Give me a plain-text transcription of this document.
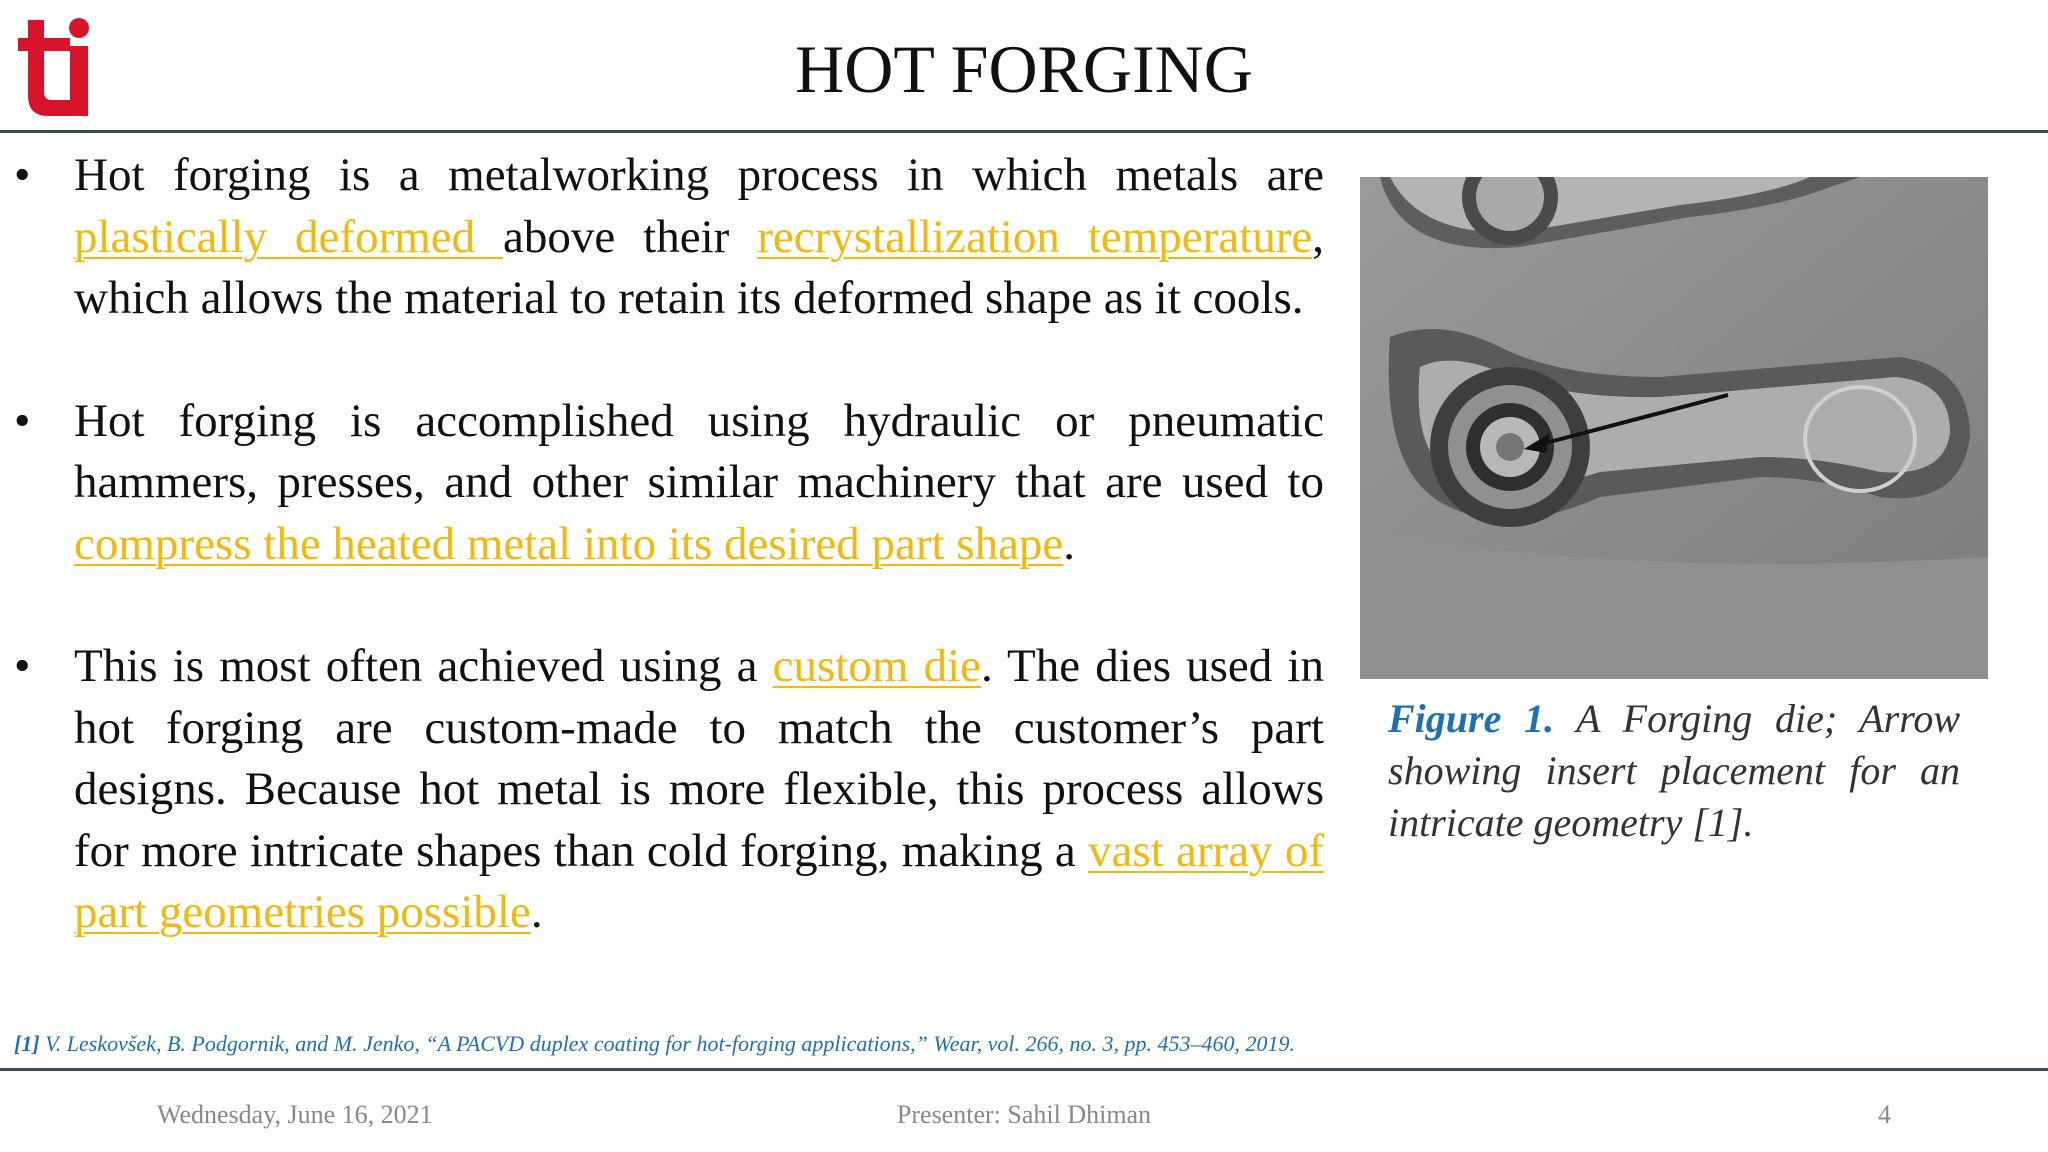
HOT FORGING
• Hot forging is a metalworking process in which metals are plastically deformed above their recrystallization temperature, which allows the material to retain its deformed shape as it cools.
• Hot forging is accomplished using hydraulic or pneumatic hammers, presses, and other similar machinery that are used to compress the heated metal into its desired part shape.
• This is most often achieved using a custom die. The dies used in hot forging are custom-made to match the customer’s part designs. Because hot metal is more flexible, this process allows for more intricate shapes than cold forging, making a vast array of part geometries possible.
Figure 1. A Forging die; Arrow showing insert placement for an intricate geometry [1].
[1] V. Leskovšek, B. Podgornik, and M. Jenko, “A PACVD duplex coating for hot-forging applications,” Wear, vol. 266, no. 3, pp. 453–460, 2019.
Wednesday, June 16, 2021	Presenter: Sahil Dhiman	4
